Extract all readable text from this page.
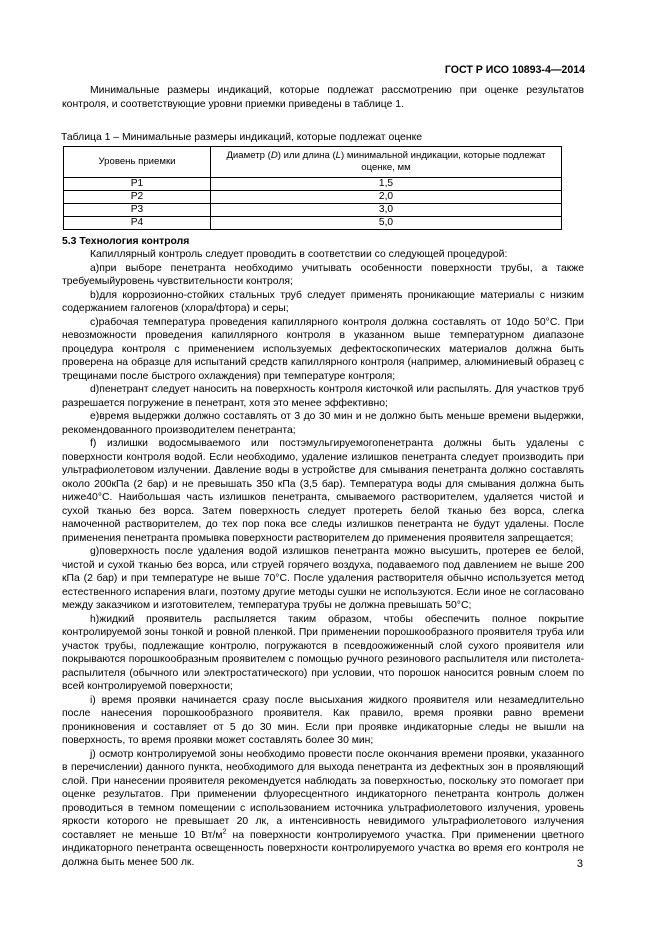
ГОСТ Р ИСО 10893-4—2014

Минимальные размеры индикаций, которые подлежат рассмотрению при оценке результатов контроля, и соответствующие уровни приемки приведены в таблице 1.

Таблица 1 – Минимальные размеры индикаций, которые подлежат оценке
Уровень приемки	Диаметр (D) или длина (L) минимальной индикации, которые подлежат оценке, мм
P1	1,5
P2	2,0
P3	3,0
P4	5,0
5.3 Технология контроля

Капиллярный контроль следует проводить в соответствии со следующей процедурой:

а)при выборе пенетранта необходимо учитывать особенности поверхности трубы, а также требуемыйуровень чувствительности контроля;

b)для коррозионно-стойких стальных труб следует применять проникающие материалы с низким содержанием галогенов (хлора/фтора) и серы;

с)рабочая температура проведения капиллярного контроля должна составлять от 10до 50°С. При невозможности проведения капиллярного контроля в указанном выше температурном диапазоне процедура контроля с применением используемых дефектоскопических материалов должна быть проверена на образце для испытаний средств капиллярного контроля (например, алюминиевый образец с трещинами после быстрого охлаждения) при температуре контроля;

d)пенетрант следует наносить на поверхность контроля кисточкой или распылять. Для участков труб разрешается погружение в пенетрант, хотя это менее эффективно;

е)время выдержки должно составлять от 3 до 30 мин и не должно быть меньше времени выдержки, рекомендованного производителем пенетранта;

f) излишки водосмываемого или постэмульгируемогопенетранта должны быть удалены с поверхности контроля водой. Если необходимо, удаление излишков пенетранта следует производить при ультрафиолетовом излучении. Давление воды в устройстве для смывания пенетранта должно составлять около 200кПа (2 бар) и не превышать 350 кПа (3,5 бар). Температура воды для смывания должна быть ниже40°С. Наибольшая часть излишков пенетранта, смываемого растворителем, удаляется чистой и сухой тканью без ворса. Затем поверхность следует протереть белой тканью без ворса, слегка намоченной растворителем, до тех пор пока все следы излишков пенетранта не будут удалены. После применения пенетранта промывка поверхности растворителем до применения проявителя запрещается;

g)поверхность после удаления водой излишков пенетранта можно высушить, протерев ее белой, чистой и сухой тканью без ворса, или струей горячего воздуха, подаваемого под давлением не выше 200 кПа (2 бар) и при температуре не выше 70°С. После удаления растворителя обычно используется метод естественного испарения влаги, поэтому другие методы сушки не используются. Если иное не согласовано между заказчиком и изготовителем, температура трубы не должна превышать 50°С;

h)жидкий проявитель распыляется таким образом, чтобы обеспечить полное покрытие контролируемой зоны тонкой и ровной пленкой. При применении порошкообразного проявителя труба или участок трубы, подлежащие контролю, погружаются в псевдоожиженный слой сухого проявителя или покрываются порошкообразным проявителем с помощью ручного резинового распылителя или пистолета-распылителя (обычного или электростатического) при условии, что порошок наносится ровным слоем по всей контролируемой поверхности;

i) время проявки начинается сразу после высыхания жидкого проявителя или незамедлительно после нанесения порошкообразного проявителя. Как правило, время проявки равно времени проникновения и составляет от 5 до 30 мин. Если при проявке индикаторные следы не вышли на поверхность, то время проявки может составлять более 30 мин;

j) осмотр контролируемой зоны необходимо провести после окончания времени проявки, указанного в перечислении) данного пункта, необходимого для выхода пенетранта из дефектных зон в проявляющий слой. При нанесении проявителя рекомендуется наблюдать за поверхностью, поскольку это помогает при оценке результатов. При применении флуоресцентного индикаторного пенетранта контроль должен проводиться в темном помещении с использованием источника ультрафиолетового излучения, уровень яркости которого не превышает 20 лк, а интенсивность невидимого ультрафиолетового излучения составляет не меньше 10 $Вт/м^2$ на поверхности контролируемого участка. При применении цветного индикаторного пенетранта освещенность поверхности контролируемого участка во время его контроля не должна быть менее 500 лк.	3
